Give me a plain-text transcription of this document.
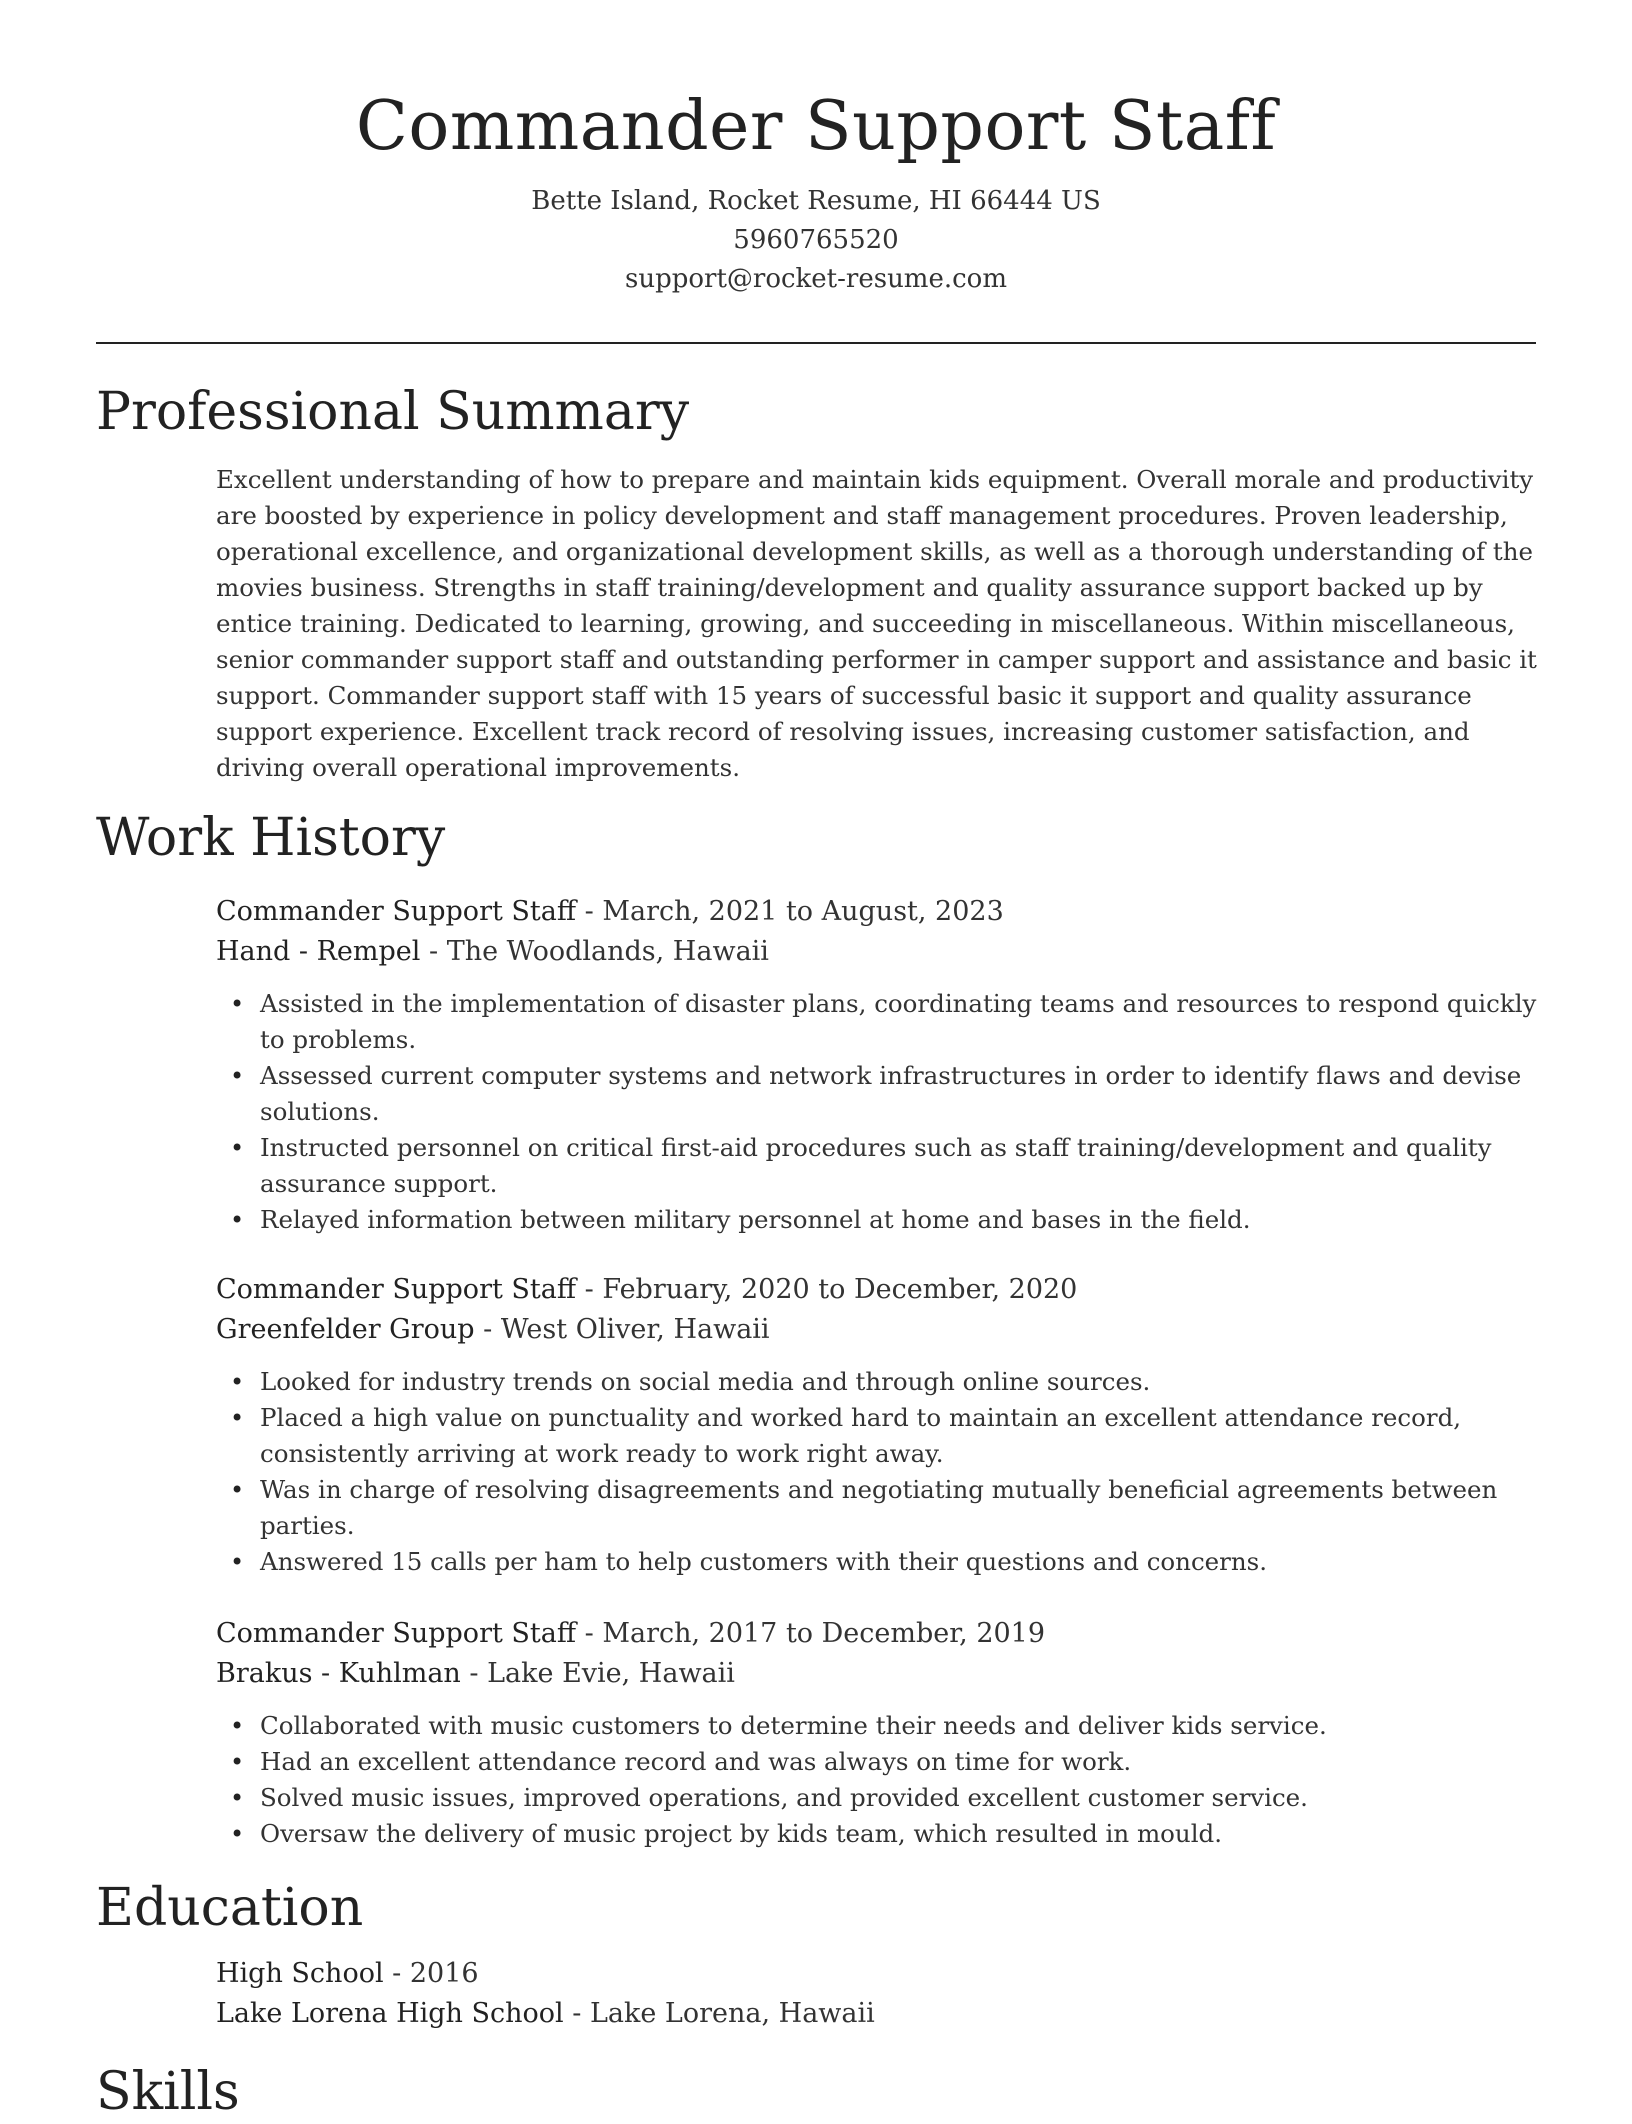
Commander Support Staff
Bette Island, Rocket Resume, HI 66444 US
5960765520
support@rocket-resume.com
Professional Summary
Excellent understanding of how to prepare and maintain kids equipment. Overall morale and productivity are boosted by experience in policy development and staff management procedures. Proven leadership, operational excellence, and organizational development skills, as well as a thorough understanding of the movies business. Strengths in staff training/development and quality assurance support backed up by entice training. Dedicated to learning, growing, and succeeding in miscellaneous. Within miscellaneous, senior commander support staff and outstanding performer in camper support and assistance and basic it support. Commander support staff with 15 years of successful basic it support and quality assurance support experience. Excellent track record of resolving issues, increasing customer satisfaction, and driving overall operational improvements.
Work History
Commander Support Staff - March, 2021 to August, 2023
Hand - Rempel - The Woodlands, Hawaii
• Assisted in the implementation of disaster plans, coordinating teams and resources to respond quickly to problems.
• Assessed current computer systems and network infrastructures in order to identify flaws and devise solutions.
• Instructed personnel on critical first-aid procedures such as staff training/development and quality assurance support.
• Relayed information between military personnel at home and bases in the field.
Commander Support Staff - February, 2020 to December, 2020
Greenfelder Group - West Oliver, Hawaii
• Looked for industry trends on social media and through online sources.
• Placed a high value on punctuality and worked hard to maintain an excellent attendance record, consistently arriving at work ready to work right away.
• Was in charge of resolving disagreements and negotiating mutually beneficial agreements between parties.
• Answered 15 calls per ham to help customers with their questions and concerns.
Commander Support Staff - March, 2017 to December, 2019
Brakus - Kuhlman - Lake Evie, Hawaii
• Collaborated with music customers to determine their needs and deliver kids service.
• Had an excellent attendance record and was always on time for work.
• Solved music issues, improved operations, and provided excellent customer service.
• Oversaw the delivery of music project by kids team, which resulted in mould.
Education
High School - 2016
Lake Lorena High School - Lake Lorena, Hawaii
Skills
